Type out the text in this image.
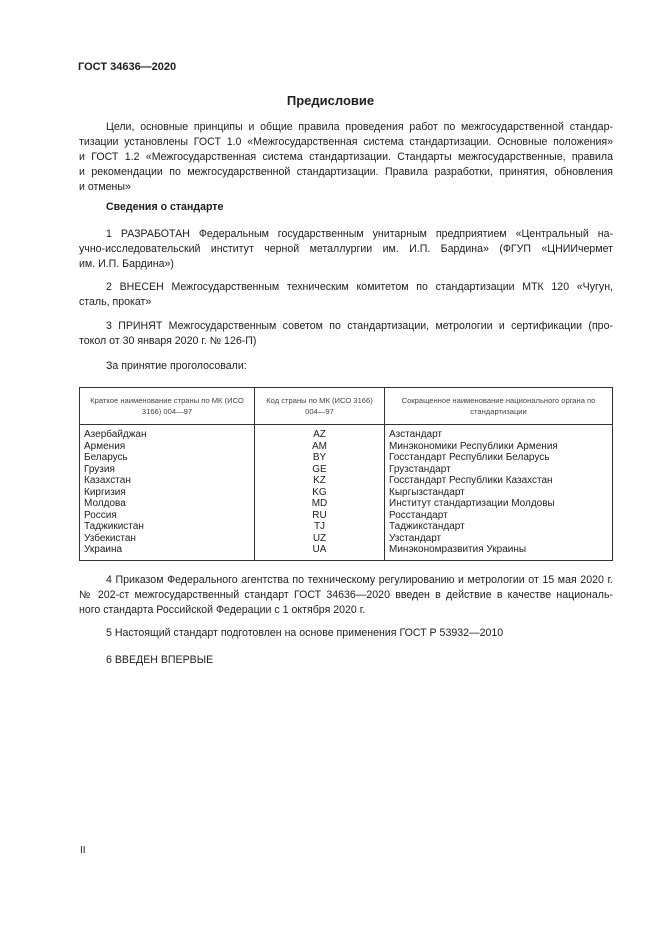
ГОСТ 34636—2020
Предисловие
Цели, основные принципы и общие правила проведения работ по межгосударственной стандар-
тизации установлены ГОСТ 1.0 «Межгосударственная система стандартизации. Основные положения»
и ГОСТ 1.2 «Межгосударственная система стандартизации. Стандарты межгосударственные, правила
и рекомендации по межгосударственной стандартизации. Правила разработки, принятия, обновления
и отмены»
Сведения о стандарте
1 РАЗРАБОТАН Федеральным государственным унитарным предприятием «Центральный на-
учно-исследовательский институт черной металлургии им. И.П. Бардина» (ФГУП «ЦНИИчермет
им. И.П. Бардина»)
2 ВНЕСЕН Межгосударственным техническим комитетом по стандартизации МТК 120 «Чугун,
сталь, прокат»
3 ПРИНЯТ Межгосударственным советом по стандартизации, метрологии и сертификации (про-
токол от 30 января 2020 г. № 126-П)
За принятие проголосовали:
Краткое наименование страны по МК (ИСО 3166) 004—97	Код страны по МК (ИСО 3166) 004—97	Сокращенное наименование национального органа по стандартизации
Азербайджан	AZ	Азстандарт
Армения	AM	Минэкономики Республики Армения
Беларусь	BY	Госстандарт Республики Беларусь
Грузия	GE	Грузстандарт
Казахстан	KZ	Госстандарт Республики Казахстан
Киргизия	KG	Кыргызстандарт
Молдова	MD	Институт стандартизации Молдовы
Россия	RU	Росстандарт
Таджикистан	TJ	Таджикстандарт
Узбекистан	UZ	Узстандарт
Украина	UA	Минэкономразвития Украины
4 Приказом Федерального агентства по техническому регулированию и метрологии от 15 мая 2020 г.
№ 202-ст межгосударственный стандарт ГОСТ 34636—2020 введен в действие в качестве националь-
ного стандарта Российской Федерации с 1 октября 2020 г.
5 Настоящий стандарт подготовлен на основе применения ГОСТ Р 53932—2010
6 ВВЕДЕН ВПЕРВЫЕ
II
